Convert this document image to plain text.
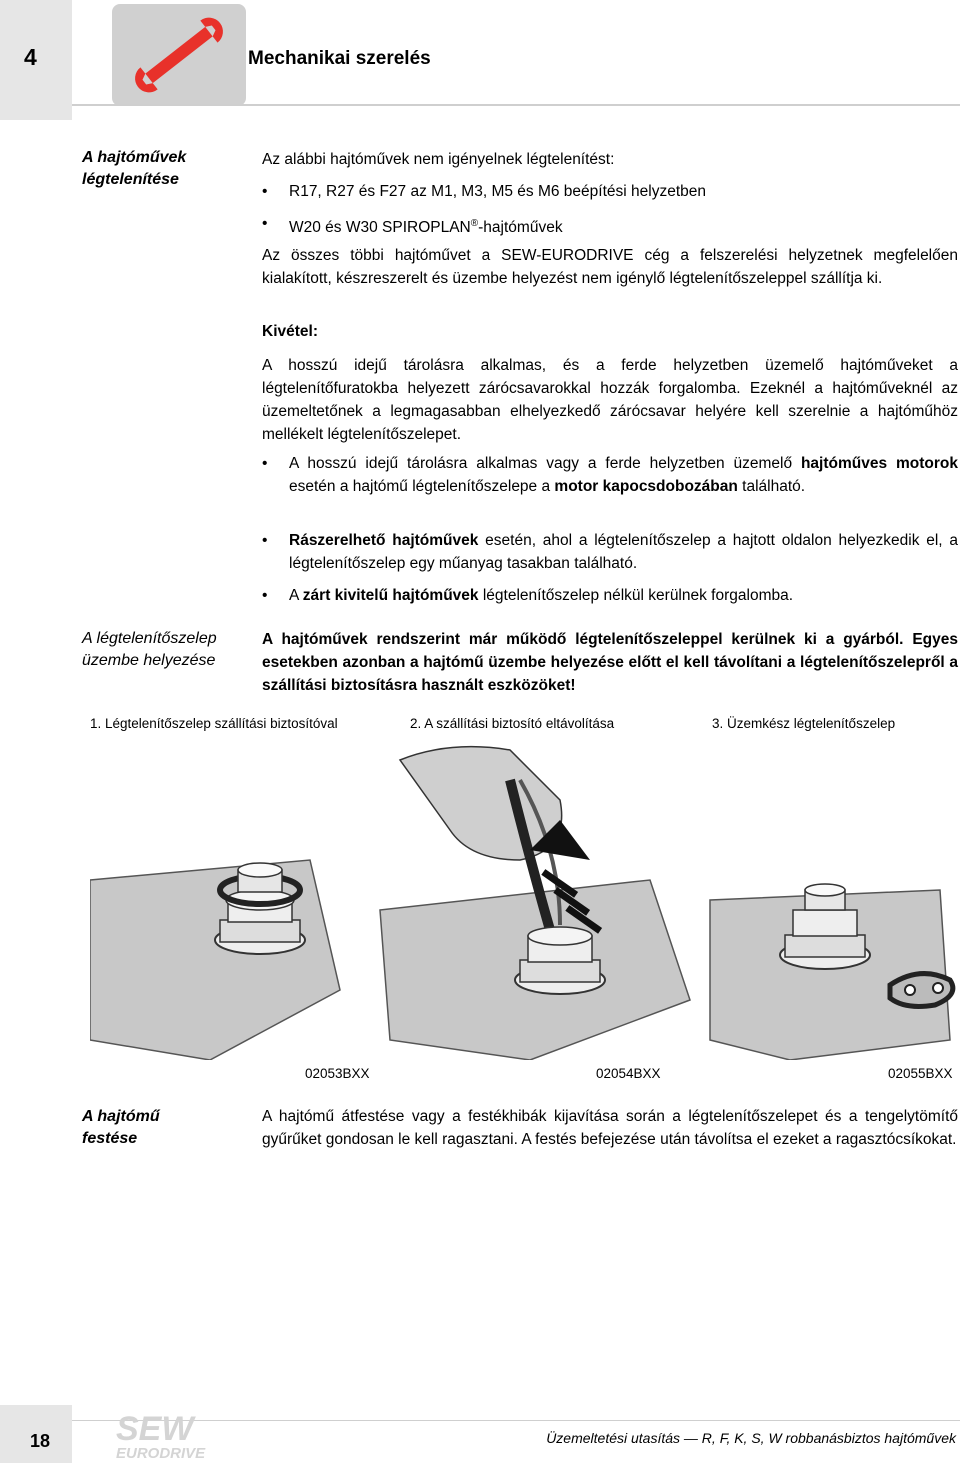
4	Mechanikai szerelés
A hajtóművek
légtelenítése
Az alábbi hajtóművek nem igényelnek légtelenítést:
• R17, R27 és F27 az M1, M3, M5 és M6 beépítési helyzetben
• W20 és W30 SPIROPLAN®-hajtóművek
Az összes többi hajtóművet a SEW-EURODRIVE cég a felszerelési helyzetnek megfelelően kialakított, készreszerelt és üzembe helyezést nem igénylő légtelenítőszeleppel szállítja ki.
Kivétel:
A hosszú idejű tárolásra alkalmas, és a ferde helyzetben üzemelő hajtóműveket a légtelenítőfuratokba helyezett zárócsavarokkal hozzák forgalomba. Ezeknél a hajtóműveknél az üzemeltetőnek a legmagasabban elhelyezkedő zárócsavar helyére kell szerelnie a hajtóműhöz mellékelt légtelenítőszelepet.
• A hosszú idejű tárolásra alkalmas vagy a ferde helyzetben üzemelő hajtóműves motorok esetén a hajtómű légtelenítőszelepe a motor kapocsdobozában található.
• Rászerelhető hajtóművek esetén, ahol a légtelenítőszelep a hajtott oldalon helyezkedik el, a légtelenítőszelep egy műanyag tasakban található.
• A zárt kivitelű hajtóművek légtelenítőszelep nélkül kerülnek forgalomba.
A légtelenítőszelep
üzembe helyezése
A hajtóművek rendszerint már működő légtelenítőszeleppel kerülnek ki a gyárból. Egyes esetekben azonban a hajtómű üzembe helyezése előtt el kell távolítani a légtelenítőszelepről a szállítási biztosításra használt eszközöket!
1. Légtelenítőszelep szállítási biztosítóval	2. A szállítási biztosító eltávolítása	3. Üzemkész légtelenítőszelep
02053BXX	02054BXX	02055BXX
A hajtómű
festése
A hajtómű átfestése vagy a festékhibák kijavítása során a légtelenítőszelepet és a tengelytömítő gyűrűket gondosan le kell ragasztani. A festés befejezése után távolítsa el ezeket a ragasztócsíkokat.
18 SEW
EURODRIVE
Üzemeltetési utasítás — R, F, K, S, W robbanásbiztos hajtóművek
